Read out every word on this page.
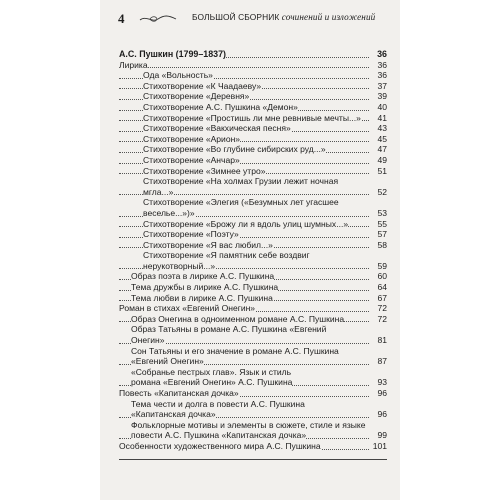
4	БОЛЬШОЙ СБОРНИК сочинений и изложений
А.С. Пушкин (1799–1837)	36
Лирика	36
Ода «Вольность»	36
Стихотворение «К Чаадаеву»	37
Стихотворение «Деревня»	39
Стихотворение А.С. Пушкина «Демон»	40
Стихотворение «Простишь ли мне ревнивые мечты...»	41
Стихотворение «Вакхическая песня»	43
Стихотворение «Арион»	45
Стихотворение «Во глубине сибирских руд...»	47
Стихотворение «Анчар»	49
Стихотворение «Зимнее утро»	51
Стихотворение «На холмах Грузии лежит ночная мгла...»	52
Стихотворение «Элегия («Безумных лет угасшее
веселье...»)»	53
Стихотворение «Брожу ли я вдоль улиц шумных...»	55
Стихотворение «Поэту»	57
Стихотворение «Я вас любил...»	58
Стихотворение «Я памятник себе воздвиг
нерукотворный...»	59
Образ поэта в лирике А.С. Пушкина	60
Тема дружбы в лирике А.С. Пушкина	64
Тема любви в лирике А.С. Пушкина	67
Роман в стихах «Евгений Онегин»	72
Образ Онегина в одноименном романе А.С. Пушкина	72
Образ Татьяны в романе А.С. Пушкина «Евгений
Онегин»	81
Сон Татьяны и его значение в романе А.С. Пушкина
«Евгений Онегин»	87
«Собранье пестрых глав». Язык и стиль
романа «Евгений Онегин» А.С. Пушкина	93
Повесть «Капитанская дочка»	96
Тема чести и долга в повести А.С. Пушкина
«Капитанская дочка»	96
Фольклорные мотивы и элементы в сюжете, стиле и языке
повести А.С. Пушкина «Капитанская дочка»	99
Особенности художественного мира А.С. Пушкина	101
